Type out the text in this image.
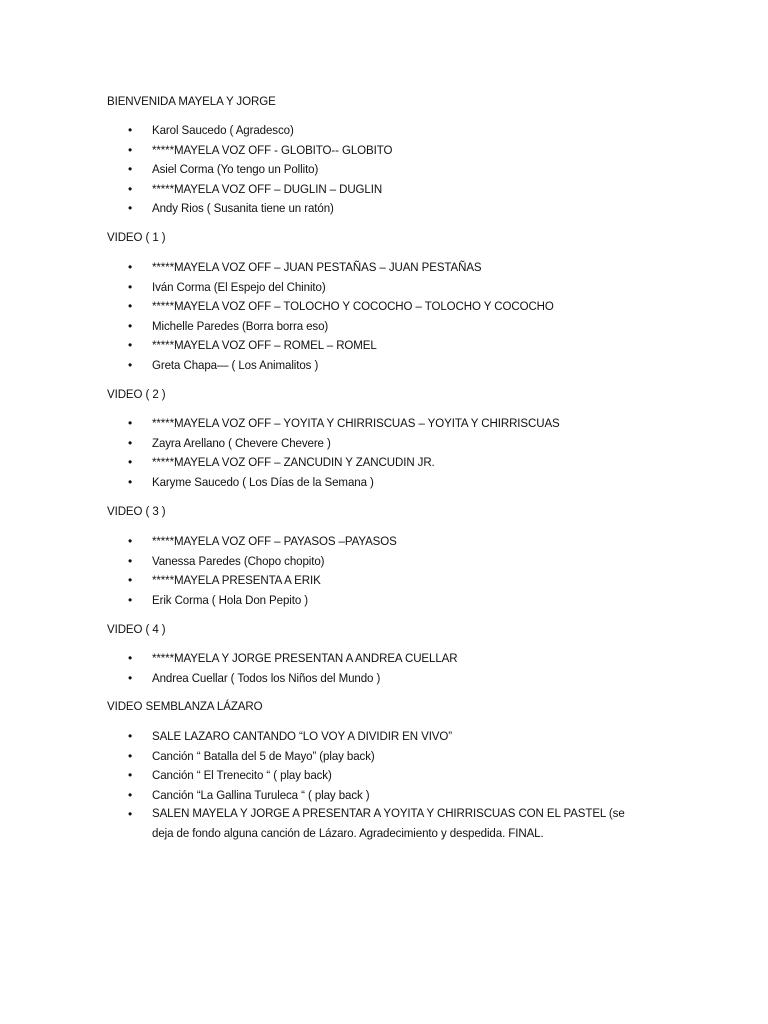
BIENVENIDA MAYELA Y JORGE
• Karol Saucedo ( Agradesco)
• *****MAYELA VOZ OFF - GLOBITO-- GLOBITO
• Asiel Corma (Yo tengo un Pollito)
• *****MAYELA VOZ OFF – DUGLIN – DUGLIN
• Andy Rios ( Susanita tiene un ratón)
VIDEO ( 1 )
• *****MAYELA VOZ OFF – JUAN PESTAÑAS – JUAN PESTAÑAS
• Iván Corma (El Espejo del Chinito)
• *****MAYELA VOZ OFF – TOLOCHO Y COCOCHO – TOLOCHO Y COCOCHO
• Michelle Paredes (Borra borra eso)
• *****MAYELA VOZ OFF – ROMEL – ROMEL
• Greta Chapa— ( Los Animalitos )
VIDEO ( 2 )
• *****MAYELA VOZ OFF – YOYITA Y CHIRRISCUAS – YOYITA Y CHIRRISCUAS
• Zayra Arellano ( Chevere Chevere )
• *****MAYELA VOZ OFF – ZANCUDIN Y ZANCUDIN JR.
• Karyme Saucedo ( Los Días de la Semana )
VIDEO ( 3 )
• *****MAYELA VOZ OFF – PAYASOS –PAYASOS
• Vanessa Paredes (Chopo chopito)
• *****MAYELA PRESENTA A ERIK
• Erik Corma ( Hola Don Pepito )
VIDEO ( 4 )
• *****MAYELA Y JORGE PRESENTAN A ANDREA CUELLAR
• Andrea Cuellar ( Todos los Niños del Mundo )
VIDEO SEMBLANZA LÁZARO
• SALE LAZARO CANTANDO “LO VOY A DIVIDIR EN VIVO”
• Canción “ Batalla del 5 de Mayo” (play back)
• Canción “ El Trenecito “ ( play back)
• Canción “La Gallina Turuleca “ ( play back )
• SALEN MAYELA Y JORGE A PRESENTAR A YOYITA Y CHIRRISCUAS CON EL PASTEL (se deja de fondo alguna canción de Lázaro. Agradecimiento y despedida. FINAL.
